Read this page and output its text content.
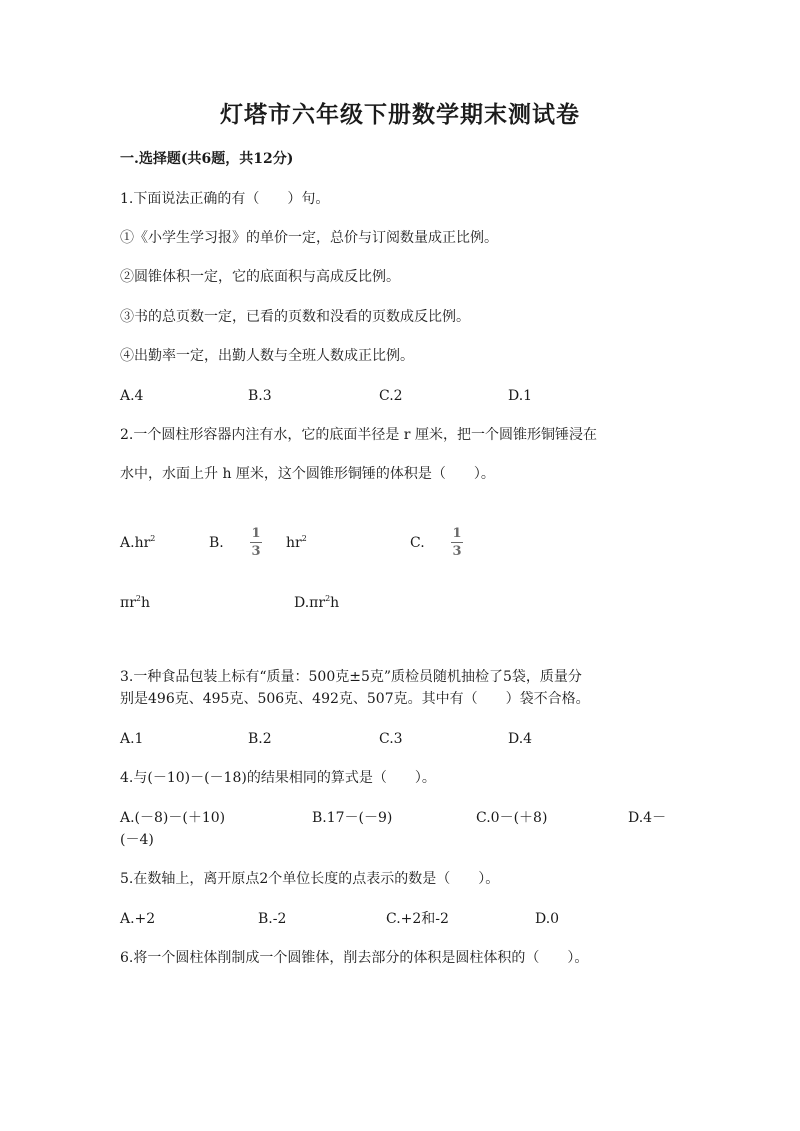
灯塔市六年级下册数学期末测试卷
一.选择题(共6题，共12分)
1.下面说法正确的有（　　）句。
①《小学生学习报》的单价一定，总价与订阅数量成正比例。
②圆锥体积一定，它的底面积与高成反比例。
③书的总页数一定，已看的页数和没看的页数成反比例。
④出勤率一定，出勤人数与全班人数成正比例。
A.4	B.3	C.2	D.1
2.一个圆柱形容器内注有水，它的底面半径是 r 厘米，把一个圆锥形铜锤浸在
水中，水面上升 h 厘米，这个圆锥形铜锤的体积是（　　）。
$A.hr^2$	B.
1
3
$hr^2$	C.
1
3
$\pi r^2h$	$D.\pi r^2h$
3.一种食品包装上标有“质量：500克±5克”质检员随机抽检了5袋，质量分
别是496克、495克、506克、492克、507克。其中有（　　）袋不合格。
A.1	B.2	C.3	D.4
4.与(－10)－(－18)的结果相同的算式是（　　）。
A.(－8)－(＋10)	B.17－(－9)	C.0－(＋8)	D.4－
(－4)
5.在数轴上，离开原点2个单位长度的点表示的数是（　　）。
A.+2	B.-2	C.+2和-2	D.0
6.将一个圆柱体削制成一个圆锥体，削去部分的体积是圆柱体积的（　　）。
